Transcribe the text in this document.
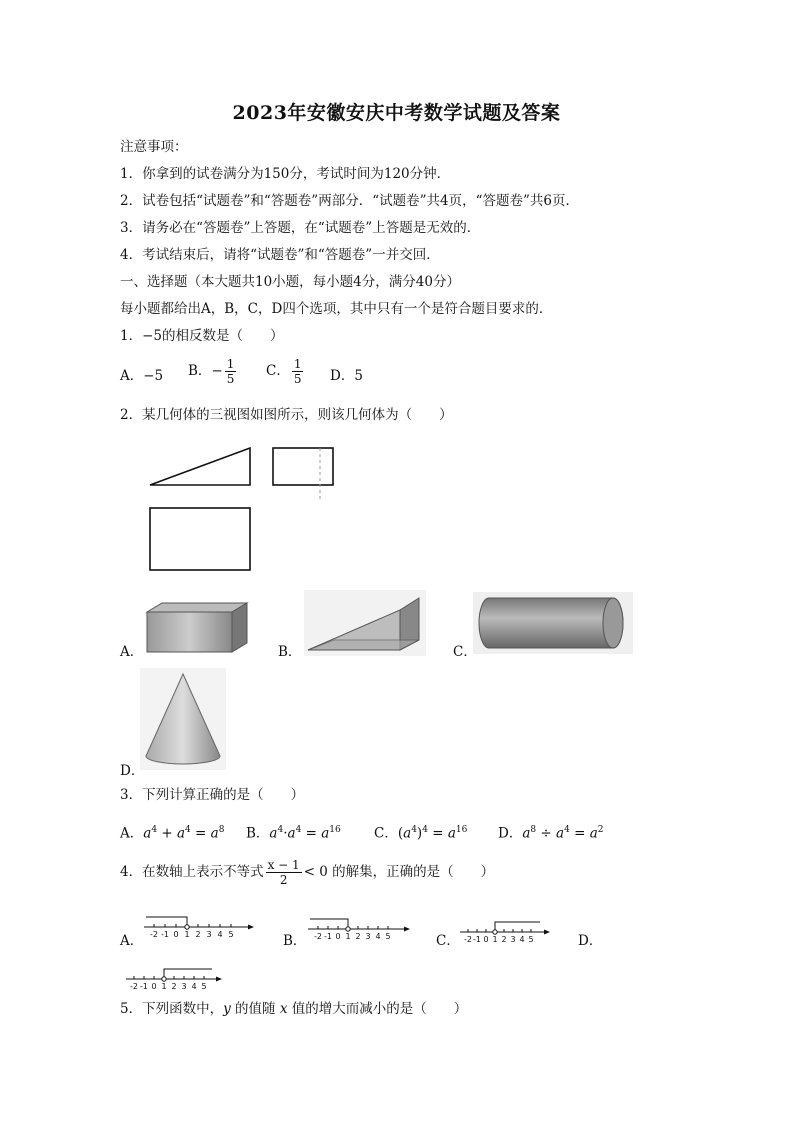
2023年安徽安庆中考数学试题及答案
注意事项：
1．你拿到的试卷满分为150分，考试时间为120分钟．
2．试卷包括“试题卷”和“答题卷”两部分．“试题卷”共4页，“答题卷”共6页．
3．请务必在“答题卷”上答题，在“试题卷”上答题是无效的．
4．考试结束后，请将“试题卷”和“答题卷”一并交回．
一、选择题（本大题共10小题，每小题4分，满分40分）
每小题都给出A，B，C，D四个选项，其中只有一个是符合题目要求的．
1．−5的相反数是（　　）
A．−5 B．− $\frac{1}{5}$ C． $\frac{1}{5}$ D．5
2．某几何体的三视图如图所示，则该几何体为（　　）
A．	B．	C．
D．
3．下列计算正确的是（　　）
A．$a^4 + a^4 = a^8$ B．$a^4\cdot a^4 = a^{16}$ C．$(a^4)^4 = a^{16}$ D．$a^8 \div a^4 = a^2$
4．在数轴上表示不等式 $\frac{x - 1}{2} < 0$ 的解集，正确的是（　　）
-2 -1 0 1 2 3 4 5
A．	-2 -1 0 1 2 3 4 5
B．	-2 -1 0 1 2 3 4 5
C．	D．
-2 -1 0 1 2 3 4 5
5．下列函数中，y 的值随 x 值的增大而减小的是（　　）
